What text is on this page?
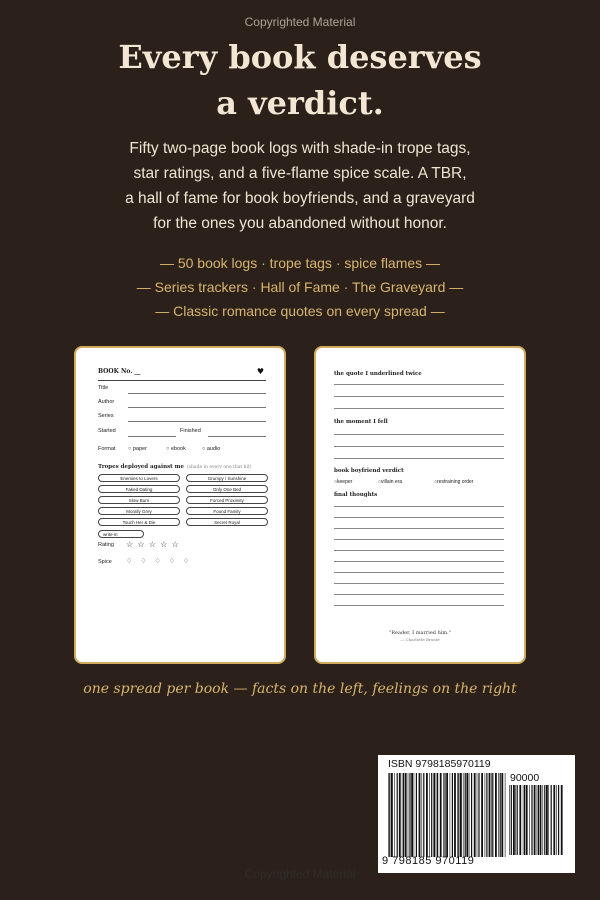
Copyrighted Material
Every book deserves
a verdict.
Fifty two-page book logs with shade-in trope tags,
star ratings, and a five-flame spice scale. A TBR,
a hall of fame for book boyfriends, and a graveyard
for the ones you abandoned without honor.
— 50 book logs · trope tags · spice flames —
— Series trackers · Hall of Fame · The Graveyard —
— Classic romance quotes on every spread —
BOOK No. __	♥
Title
Author
Series
Started	Finished
Format ○ paper	○ ebook	○ audio
Tropes deployed against me (shade in every one that hit)
Enemies to Lovers	Grumpy / Sunshine
Faked Dating	Only One Bed
Slow Burn	Forced Proximity
Morally Grey	Found Family
Touch Her & Die	Secret Royal
write-in
Rating ☆ ☆ ☆ ☆ ☆
Spice ♢ ♢ ♢ ♢ ♢
the quote I underlined twice
the moment I fell
book boyfriend verdict
○ keeper	○ villain era	○ restraining order
final thoughts
"Reader, I married him."
— Charlotte Brontë
one spread per book — facts on the left, feelings on the right
ISBN 9798185970119
90000
9 798185 970119
Copyrighted Material
